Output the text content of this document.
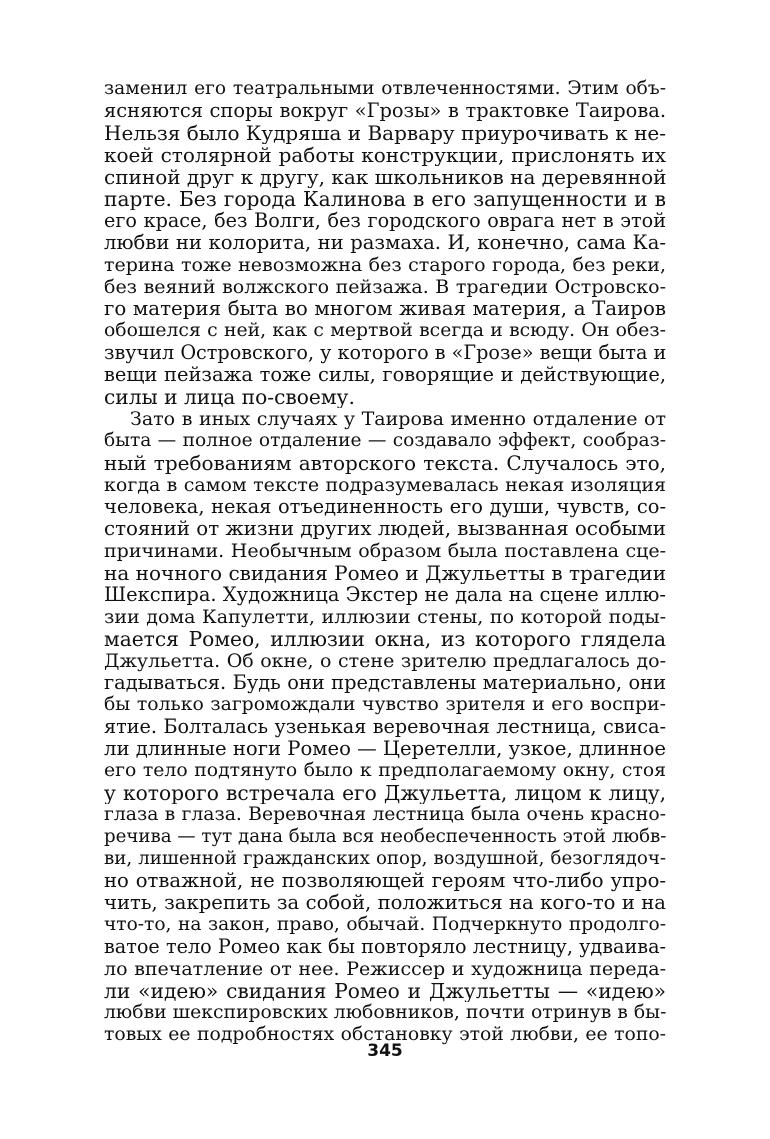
заменил его театральными отвлеченностями. Этим объ-
ясняются споры вокруг «Грозы» в трактовке Таирова.
Нельзя было Кудряша и Варвару приурочивать к не-
коей столярной работы конструкции, прислонять их
спиной друг к другу, как школьников на деревянной
парте. Без города Калинова в его запущенности и в
его красе, без Волги, без городского оврага нет в этой
любви ни колорита, ни размаха. И, конечно, сама Ка-
терина тоже невозможна без старого города, без реки,
без веяний волжского пейзажа. В трагедии Островско-
го материя быта во многом живая материя, а Таиров
обошелся с ней, как с мертвой всегда и всюду. Он обез-
звучил Островского, у которого в «Грозе» вещи быта и
вещи пейзажа тоже силы, говорящие и действующие,
силы и лица по-своему.
Зато в иных случаях у Таирова именно отдаление от
быта — полное отдаление — создавало эффект, сообраз-
ный требованиям авторского текста. Случалось это,
когда в самом тексте подразумевалась некая изоляция
человека, некая отъединенность его души, чувств, со-
стояний от жизни других людей, вызванная особыми
причинами. Необычным образом была поставлена сце-
на ночного свидания Ромео и Джульетты в трагедии
Шекспира. Художница Экстер не дала на сцене иллю-
зии дома Капулетти, иллюзии стены, по которой поды-
мается Ромео, иллюзии окна, из которого глядела
Джульетта. Об окне, о стене зрителю предлагалось до-
гадываться. Будь они представлены материально, они
бы только загромождали чувство зрителя и его воспри-
ятие. Болталась узенькая веревочная лестница, свиса-
ли длинные ноги Ромео — Церетелли, узкое, длинное
его тело подтянуто было к предполагаемому окну, стоя
у которого встречала его Джульетта, лицом к лицу,
глаза в глаза. Веревочная лестница была очень красно-
речива — тут дана была вся необеспеченность этой любв-
ви, лишенной гражданских опор, воздушной, безоглядоч-
но отважной, не позволяющей героям что-либо упро-
чить, закрепить за собой, положиться на кого-то и на
что-то, на закон, право, обычай. Подчеркнуто продолго-
ватое тело Ромео как бы повторяло лестницу, удваива-
ло впечатление от нее. Режиссер и художница переда-
ли «идею» свидания Ромео и Джульетты — «идею»
любви шекспировских любовников, почти отринув в бы-
товых ее подробностях обстановку этой любви, ее топо-
345
